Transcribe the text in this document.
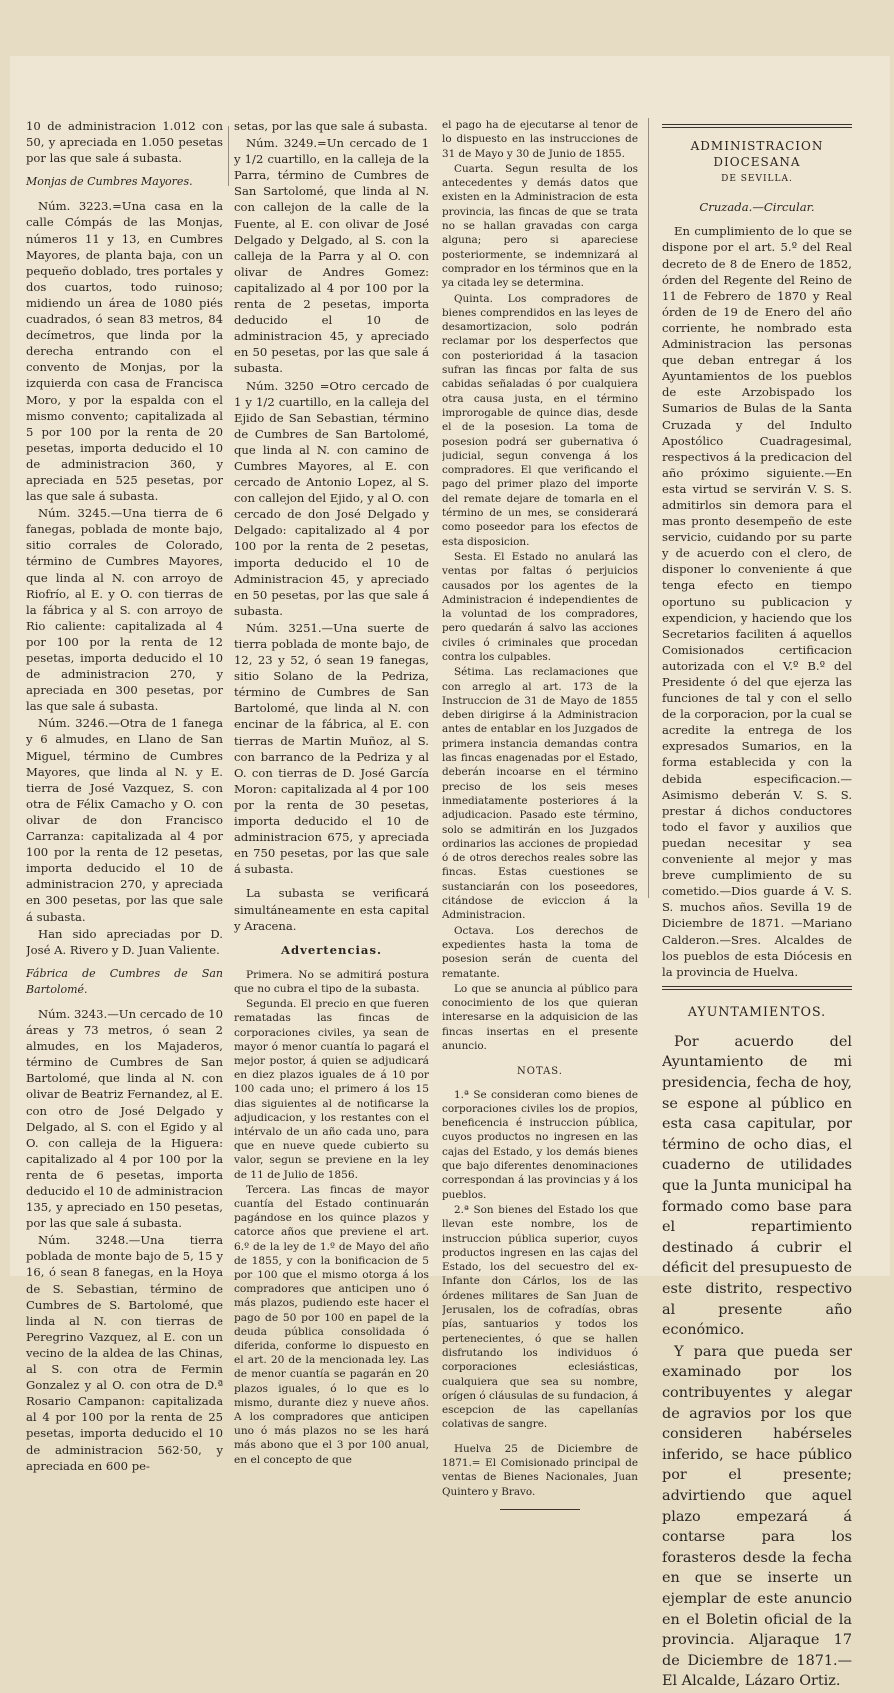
10 de administracion 1.012 con 50, y apreciada en 1.050 pesetas por las que sale á subasta.

Monjas de Cumbres Mayores.

Núm. 3223.=Una casa en la calle Cómpás de las Monjas, números 11 y 13, en Cumbres Mayores, de planta baja, con un pequeño doblado, tres portales y dos cuartos, todo ruinoso; midiendo un área de 1080 piés cuadrados, ó sean 83 metros, 84 decímetros, que linda por la derecha entrando con el convento de Monjas, por la izquierda con casa de Francisca Moro, y por la espalda con el mismo convento; capitalizada al 5 por 100 por la renta de 20 pesetas, importa deducido el 10 de administracion 360, y apreciada en 525 pesetas, por las que sale á subasta.

Núm. 3245.—Una tierra de 6 fanegas, poblada de monte bajo, sitio corrales de Colorado, término de Cumbres Mayores, que linda al N. con arroyo de Riofrío, al E. y O. con tierras de la fábrica y al S. con arroyo de Rio caliente: capitalizada al 4 por 100 por la renta de 12 pesetas, importa deducido el 10 de administracion 270, y apreciada en 300 pesetas, por las que sale á subasta.

Núm. 3246.—Otra de 1 fanega y 6 almudes, en Llano de San Miguel, término de Cumbres Mayores, que linda al N. y E. tierra de José Vazquez, S. con otra de Félix Camacho y O. con olivar de don Francisco Carranza: capitalizada al 4 por 100 por la renta de 12 pesetas, importa deducido el 10 de administracion 270, y apreciada en 300 pesetas, por las que sale á subasta.

Han sido apreciadas por D. José A. Rivero y D. Juan Valiente.

Fábrica de Cumbres de San Bartolomé.

Núm. 3243.—Un cercado de 10 áreas y 73 metros, ó sean 2 almudes, en los Majaderos, término de Cumbres de San Bartolomé, que linda al N. con olivar de Beatriz Fernandez, al E. con otro de José Delgado y Delgado, al S. con el Egido y al O. con calleja de la Higuera: capitalizado al 4 por 100 por la renta de 6 pesetas, importa deducido el 10 de administracion 135, y apreciado en 150 pesetas, por las que sale á subasta.

Núm. 3248.—Una tierra poblada de monte bajo de 5, 15 y 16, ó sean 8 fanegas, en la Hoya de S. Sebastian, término de Cumbres de S. Bartolomé, que linda al N. con tierras de Peregrino Vazquez, al E. con un vecino de la aldea de las Chinas, al S. con otra de Fermin Gonzalez y al O. con otra de D.ª Rosario Campanon: capitalizada al 4 por 100 por la renta de 25 pesetas, importa deducido el 10 de administracion 562·50, y apreciada en 600 pe-

setas, por las que sale á subasta.

Núm. 3249.=Un cercado de 1 y 1/2 cuartillo, en la calleja de la Parra, término de Cumbres de San Sartolomé, que linda al N. con callejon de la calle de la Fuente, al E. con olivar de José Delgado y Delgado, al S. con la calleja de la Parra y al O. con olivar de Andres Gomez: capitalizado al 4 por 100 por la renta de 2 pesetas, importa deducido el 10 de administracion 45, y apreciado en 50 pesetas, por las que sale á subasta.

Núm. 3250 =Otro cercado de 1 y 1/2 cuartillo, en la calleja del Ejido de San Sebastian, término de Cumbres de San Bartolomé, que linda al N. con camino de Cumbres Mayores, al E. con cercado de Antonio Lopez, al S. con callejon del Ejido, y al O. con cercado de don José Delgado y Delgado: capitalizado al 4 por 100 por la renta de 2 pesetas, importa deducido el 10 de Administracion 45, y apreciado en 50 pesetas, por las que sale á subasta.

Núm. 3251.—Una suerte de tierra poblada de monte bajo, de 12, 23 y 52, ó sean 19 fanegas, sitio Solano de la Pedriza, término de Cumbres de San Bartolomé, que linda al N. con encinar de la fábrica, al E. con tierras de Martin Muñoz, al S. con barranco de la Pedriza y al O. con tierras de D. José García Moron: capitalizada al 4 por 100 por la renta de 30 pesetas, importa deducido el 10 de administracion 675, y apreciada en 750 pesetas, por las que sale á subasta.

La subasta se verificará simultáneamente en esta capital y Aracena.

Advertencias.

Primera. No se admitirá postura que no cubra el tipo de la subasta.

Segunda. El precio en que fueren rematadas las fincas de corporaciones civiles, ya sean de mayor ó menor cuantía lo pagará el mejor postor, á quien se adjudicará en diez plazos iguales de á 10 por 100 cada uno; el primero á los 15 dias siguientes al de notificarse la adjudicacion, y los restantes con el intérvalo de un año cada uno, para que en nueve quede cubierto su valor, segun se previene en la ley de 11 de Julio de 1856.

Tercera. Las fincas de mayor cuantía del Estado continuarán pagándose en los quince plazos y catorce años que previene el art. 6.º de la ley de 1.º de Mayo del año de 1855, y con la bonificacion de 5 por 100 que el mismo otorga á los compradores que anticipen uno ó más plazos, pudiendo este hacer el pago de 50 por 100 en papel de la deuda pública consolidada ó diferida, conforme lo dispuesto en el art. 20 de la mencionada ley. Las de menor cuantía se pagarán en 20 plazos iguales, ó lo que es lo mismo, durante diez y nueve años. A los compradores que anticipen uno ó más plazos no se les hará más abono que el 3 por 100 anual, en el concepto de que

el pago ha de ejecutarse al tenor de lo dispuesto en las instrucciones de 31 de Mayo y 30 de Junio de 1855.

Cuarta. Segun resulta de los antecedentes y demás datos que existen en la Administracion de esta provincia, las fincas de que se trata no se hallan gravadas con carga alguna; pero si apareciese posteriormente, se indemnizará al comprador en los términos que en la ya citada ley se determina.

Quinta. Los compradores de bienes comprendidos en las leyes de desamortizacion, solo podrán reclamar por los desperfectos que con posterioridad á la tasacion sufran las fincas por falta de sus cabidas señaladas ó por cualquiera otra causa justa, en el término improrogable de quince dias, desde el de la posesion. La toma de posesion podrá ser gubernativa ó judicial, segun convenga á los compradores. El que verificando el pago del primer plazo del importe del remate dejare de tomarla en el término de un mes, se considerará como poseedor para los efectos de esta disposicion.

Sesta. El Estado no anulará las ventas por faltas ó perjuicios causados por los agentes de la Administracion é independientes de la voluntad de los compradores, pero quedarán á salvo las acciones civiles ó criminales que procedan contra los culpables.

Sétima. Las reclamaciones que con arreglo al art. 173 de la Instruccion de 31 de Mayo de 1855 deben dirigirse á la Administracion antes de entablar en los Juzgados de primera instancia demandas contra las fincas enagenadas por el Estado, deberán incoarse en el término preciso de los seis meses inmediatamente posteriores á la adjudicacion. Pasado este término, solo se admitirán en los Juzgados ordinarios las acciones de propiedad ó de otros derechos reales sobre las fincas. Estas cuestiones se sustanciarán con los poseedores, citándose de eviccion á la Administracion.

Octava. Los derechos de expedientes hasta la toma de posesion serán de cuenta del rematante.

Lo que se anuncia al público para conocimiento de los que quieran interesarse en la adquisicion de las fincas insertas en el presente anuncio.

NOTAS.

1.ª Se consideran como bienes de corporaciones civiles los de propios, beneficencia é instruccion pública, cuyos productos no ingresen en las cajas del Estado, y los demás bienes que bajo diferentes denominaciones correspondan á las provincias y á los pueblos.

2.ª Son bienes del Estado los que llevan este nombre, los de instruccion pública superior, cuyos productos ingresen en las cajas del Estado, los del secuestro del ex-Infante don Cárlos, los de las órdenes militares de San Juan de Jerusalen, los de cofradías, obras pías, santuarios y todos los pertenecientes, ó que se hallen disfrutando los individuos ó corporaciones eclesiásticas, cualquiera que sea su nombre, orígen ó cláusulas de su fundacion, á escepcion de las capellanías colativas de sangre.

Huelva 25 de Diciembre de 1871.= El Comisionado principal de ventas de Bienes Nacionales, Juan Quintero y Bravo.

ADMINISTRACION DIOCESANA

DE SEVILLA.

Cruzada.—Circular.

En cumplimiento de lo que se dispone por el art. 5.º del Real decreto de 8 de Enero de 1852, órden del Regente del Reino de 11 de Febrero de 1870 y Real órden de 19 de Enero del año corriente, he nombrado esta Administracion las personas que deban entregar á los Ayuntamientos de los pueblos de este Arzobispado los Sumarios de Bulas de la Santa Cruzada y del Indulto Apostólico Cuadragesimal, respectivos á la predicacion del año próximo siguiente.—En esta virtud se servirán V. S. S. admitirlos sin demora para el mas pronto desempeño de este servicio, cuidando por su parte y de acuerdo con el clero, de disponer lo conveniente á que tenga efecto en tiempo oportuno su publicacion y expendicion, y haciendo que los Secretarios faciliten á aquellos Comisionados certificacion autorizada con el V.º B.º del Presidente ó del que ejerza las funciones de tal y con el sello de la corporacion, por la cual se acredite la entrega de los expresados Sumarios, en la forma establecida y con la debida especificacion.—Asimismo deberán V. S. S. prestar á dichos conductores todo el favor y auxilios que puedan necesitar y sea conveniente al mejor y mas breve cumplimiento de su cometido.—Dios guarde á V. S. S. muchos años. Sevilla 19 de Diciembre de 1871. —Mariano Calderon.—Sres. Alcaldes de los pueblos de esta Diócesis en la provincia de Huelva.

AYUNTAMIENTOS.

Por acuerdo del Ayuntamiento de mi presidencia, fecha de hoy, se espone al público en esta casa capitular, por término de ocho dias, el cuaderno de utilidades que la Junta municipal ha formado como base para el repartimiento destinado á cubrir el déficit del presupuesto de este distrito, respectivo al presente año económico.

Y para que pueda ser examinado por los contribuyentes y alegar de agravios por los que consideren habérseles inferido, se hace público por el presente; advirtiendo que aquel plazo empezará á contarse para los forasteros desde la fecha en que se inserte un ejemplar de este anuncio en el Boletin oficial de la provincia. Aljaraque 17 de Diciembre de 1871.—El Alcalde, Lázaro Ortiz.
